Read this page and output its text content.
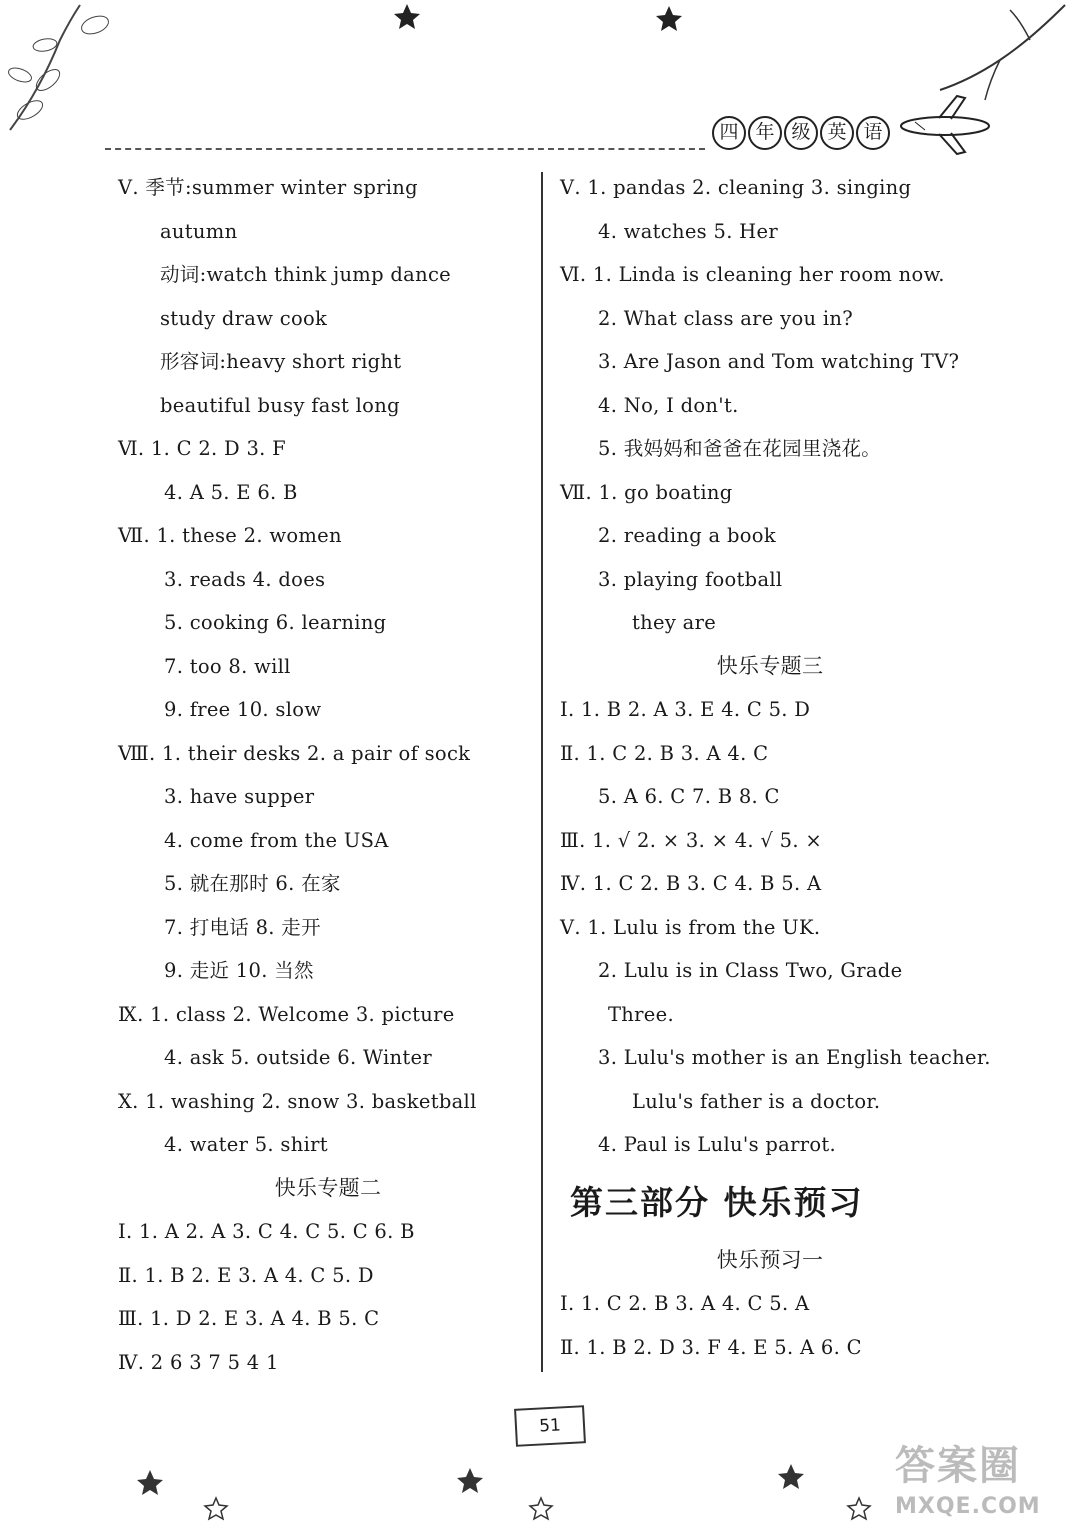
四 年 级 英 语
Ⅴ. 季节:summer winter spring
autumn
动词:watch think jump dance
study draw cook
形容词:heavy short right
beautiful busy fast long
Ⅵ. 1. C 2. D 3. F
4. A 5. E 6. B
Ⅶ. 1. these 2. women
3. reads 4. does
5. cooking 6. learning
7. too 8. will
9. free 10. slow
Ⅷ. 1. their desks 2. a pair of sock
3. have supper
4. come from the USA
5. 就在那时 6. 在家
7. 打电话 8. 走开
9. 走近 10. 当然
Ⅸ. 1. class 2. Welcome 3. picture
4. ask 5. outside 6. Winter
Ⅹ. 1. washing 2. snow 3. basketball
4. water 5. shirt
快乐专题二
Ⅰ. 1. A 2. A 3. C 4. C 5. C 6. B
Ⅱ. 1. B 2. E 3. A 4. C 5. D
Ⅲ. 1. D 2. E 3. A 4. B 5. C
Ⅳ. 2 6 3 7 5 4 1
Ⅴ. 1. pandas 2. cleaning 3. singing
4. watches 5. Her
Ⅵ. 1. Linda is cleaning her room now.
2. What class are you in?
3. Are Jason and Tom watching TV?
4. No, I don't.
5. 我妈妈和爸爸在花园里浇花。
Ⅶ. 1. go boating
2. reading a book
3. playing football
they are
快乐专题三
Ⅰ. 1. B 2. A 3. E 4. C 5. D
Ⅱ. 1. C 2. B 3. A 4. C
5. A 6. C 7. B 8. C
Ⅲ. 1. √ 2. × 3. × 4. √ 5. ×
Ⅳ. 1. C 2. B 3. C 4. B 5. A
Ⅴ. 1. Lulu is from the UK.
2. Lulu is in Class Two, Grade
Three.
3. Lulu's mother is an English teacher.
Lulu's father is a doctor.
4. Paul is Lulu's parrot.
第三部分 快乐预习
快乐预习一
Ⅰ. 1. C 2. B 3. A 4. C 5. A
Ⅱ. 1. B 2. D 3. F 4. E 5. A 6. C
51
答案圈
MXQE.COM
